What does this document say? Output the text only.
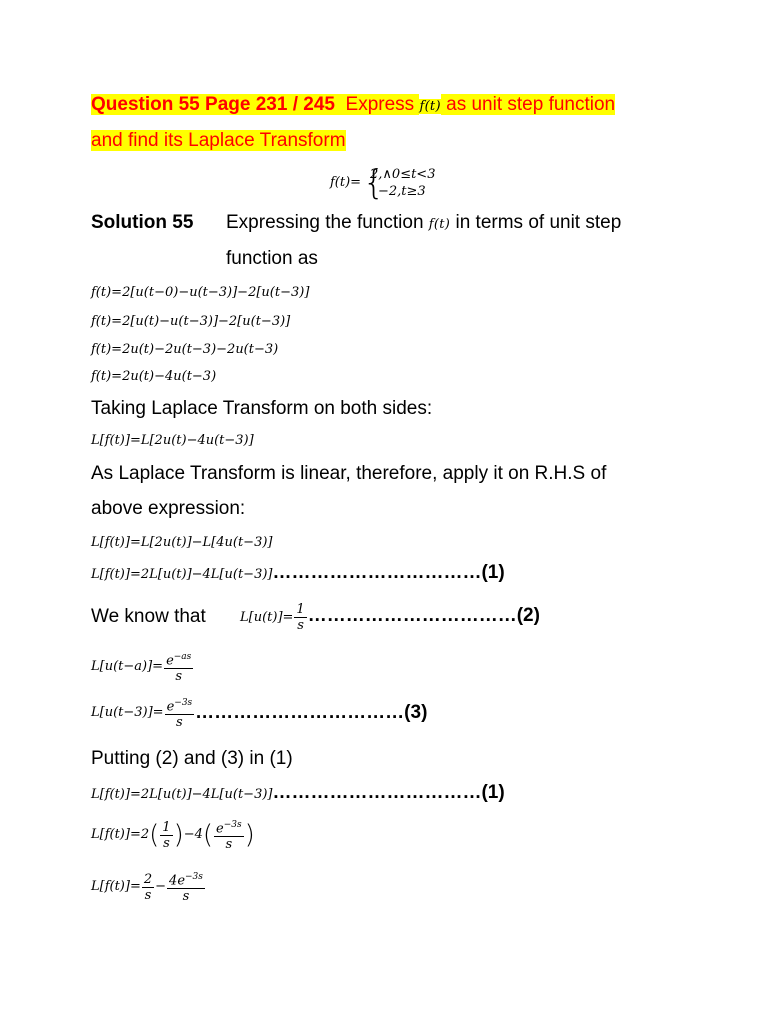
Question 55 Page 231 / 245 Express f(t) as unit step function
and find its Laplace Transform
f(t)= {
2,∧0≤t<3
−2,t≥3
Solution 55 Expressing the function f(t) in terms of unit step
function as
f(t)=2[u(t−0)−u(t−3)]−2[u(t−3)]
f(t)=2[u(t)−u(t−3)]−2[u(t−3)]
f(t)=2u(t)−2u(t−3)−2u(t−3)
f(t)=2u(t)−4u(t−3)
Taking Laplace Transform on both sides:
L[f(t)]=L[2u(t)−4u(t−3)]
As Laplace Transform is linear, therefore, apply it on R.H.S of
above expression:
L[f(t)]=L[2u(t)]−L[4u(t−3)]
L[f(t)]=2L[u(t)]−4L[u(t−3)]……………………………(1)
We know that	$L[u(t)]= \frac{1}{s}$ ……………………………(2)
$L[u(t-a)]= \frac{e^{-as}}{s}$
$L[u(t-3)]= \frac{e^{-3s}}{s}$ ……………………………(3)
Putting (2) and (3) in (1)
L[f(t)]=2L[u(t)]−4L[u(t−3)]……………………………(1)
$L[f(t)]=2( \frac{1}{s} )-4( \frac{e^{-3s}}{s}$ )
$L[f(t)]= \frac{2}{s} - \frac{4e^{-3s}}{s}$
